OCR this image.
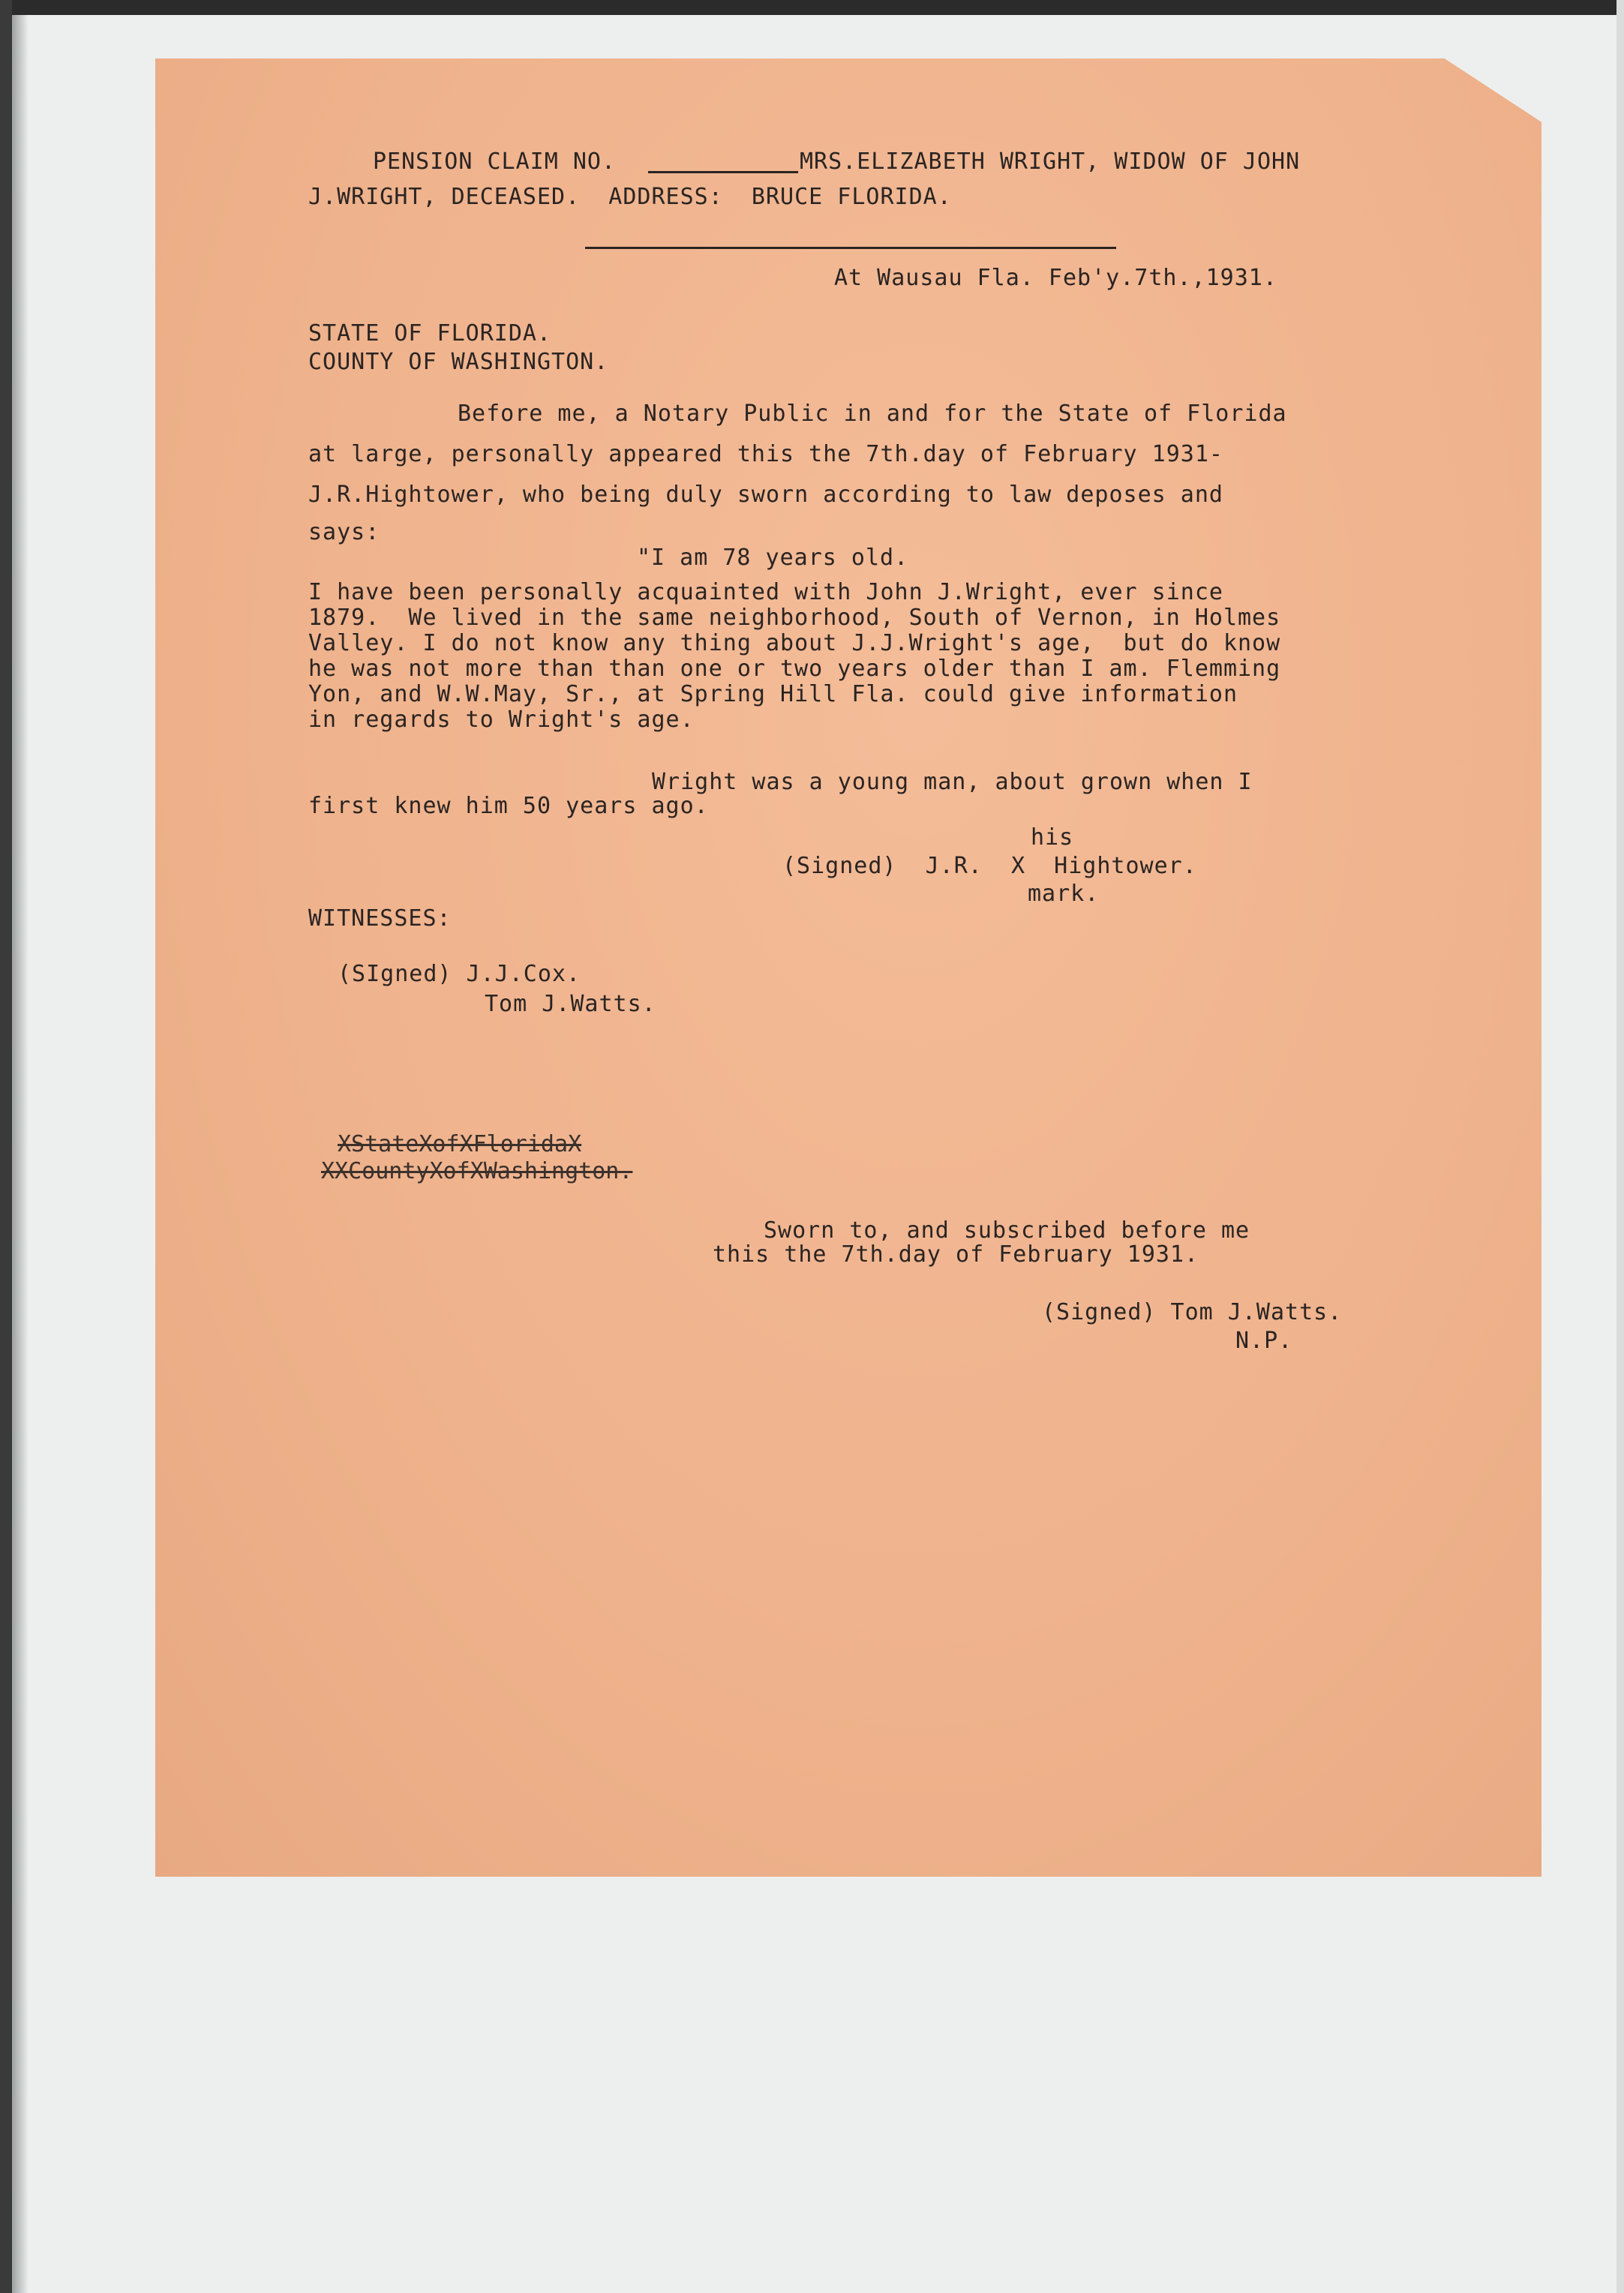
PENSION CLAIM NO.	MRS.ELIZABETH WRIGHT, WIDOW OF JOHN
J.WRIGHT, DECEASED.  ADDRESS:  BRUCE FLORIDA.
At Wausau Fla. Feb'y.7th.,1931.
STATE OF FLORIDA.
COUNTY OF WASHINGTON.
Before me, a Notary Public in and for the State of Florida
at large, personally appeared this the 7th.day of February 1931-
J.R.Hightower, who being duly sworn according to law deposes and
says:
"I am 78 years old.
I have been personally acquainted with John J.Wright, ever since
1879.  We lived in the same neighborhood, South of Vernon, in Holmes
Valley. I do not know any thing about J.J.Wright's age,  but do know
he was not more than than one or two years older than I am. Flemming
Yon, and W.W.May, Sr., at Spring Hill Fla. could give information
in regards to Wright's age.
Wright was a young man, about grown when I
first knew him 50 years ago.
his
(Signed)  J.R.  X  Hightower.
mark.
WITNESSES:
(SIgned) J.J.Cox.
Tom J.Watts.
XStateXofXFloridaX
XXCountyXofXWashington.
Sworn to, and subscribed before me
this the 7th.day of February 1931.
(Signed) Tom J.Watts.
N.P.
